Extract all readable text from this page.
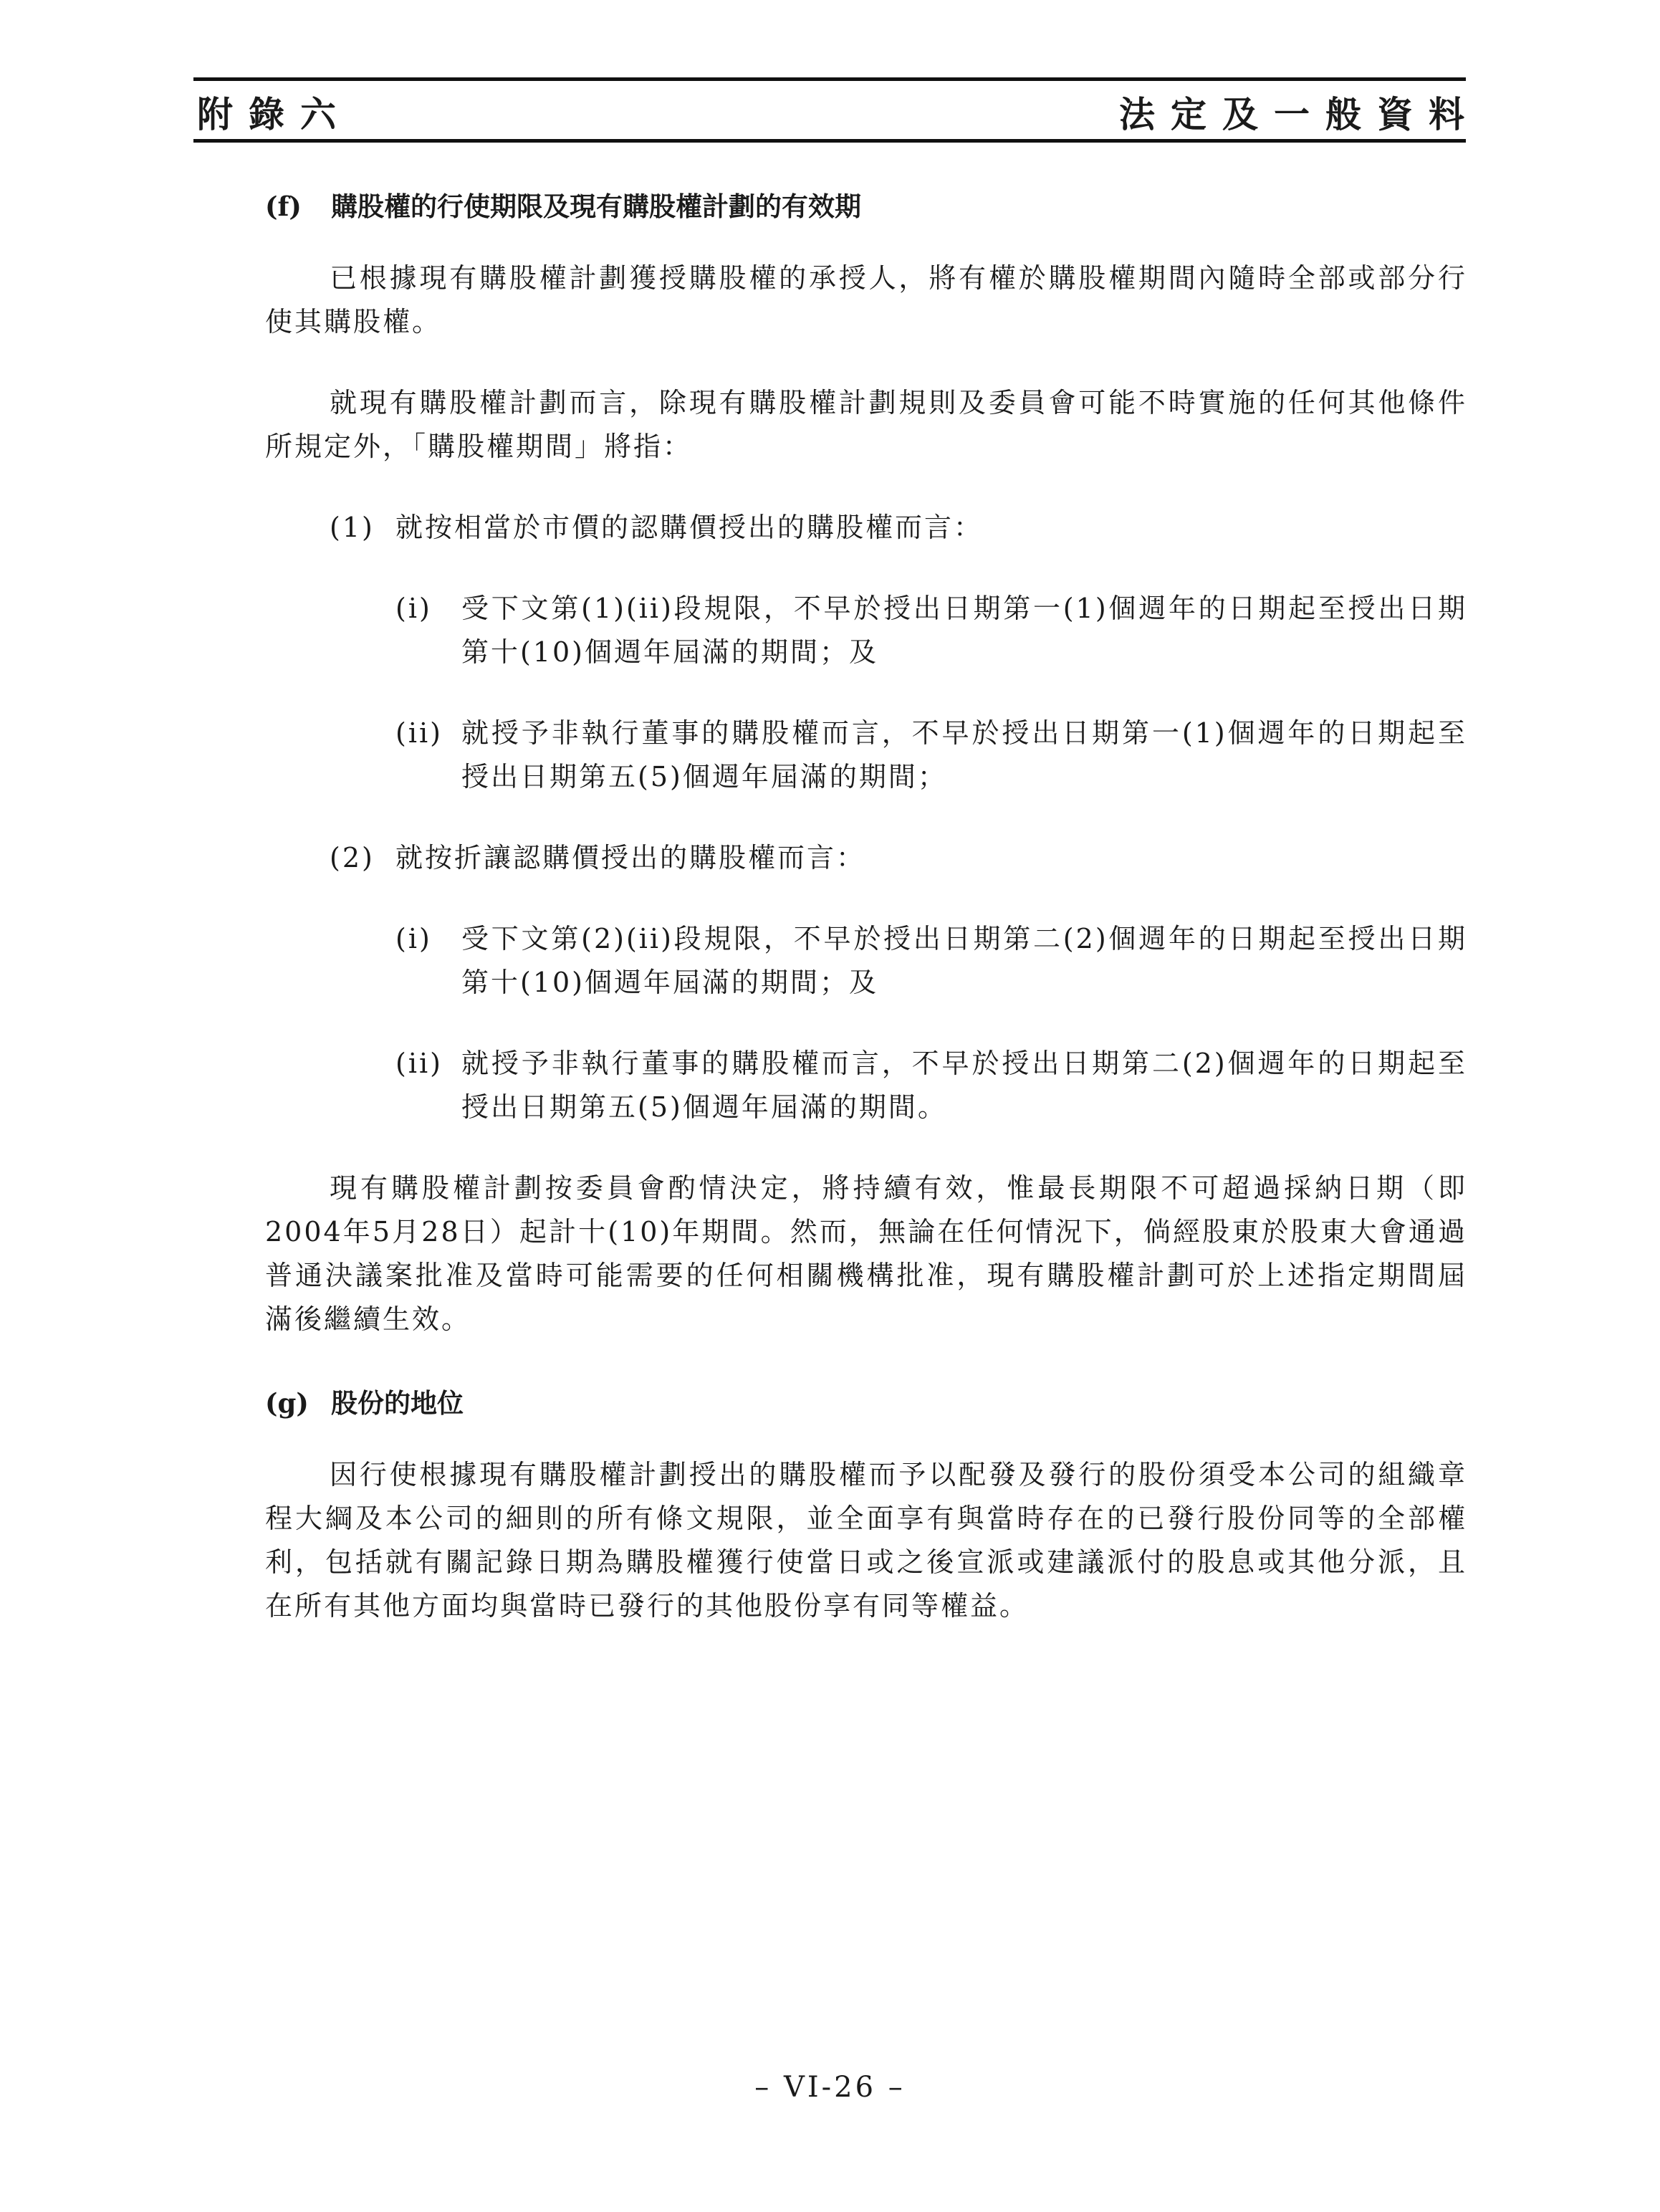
附錄六	法定及一般資料
(f)	購股權的行使期限及現有購股權計劃的有效期
已根據現有購股權計劃獲授購股權的承授人，將有權於購股權期間內隨時全部或部分行使其購股權。
就現有購股權計劃而言，除現有購股權計劃規則及委員會可能不時實施的任何其他條件所規定外，「購股權期間」將指：
(1) 就按相當於市價的認購價授出的購股權而言：
(i)	受下文第(1)(ii)段規限，不早於授出日期第一(1)個週年的日期起至授出日期第十(10)個週年屆滿的期間；及
(ii) 就授予非執行董事的購股權而言，不早於授出日期第一(1)個週年的日期起至授出日期第五(5)個週年屆滿的期間；
(2) 就按折讓認購價授出的購股權而言：
(i)	受下文第(2)(ii)段規限，不早於授出日期第二(2)個週年的日期起至授出日期第十(10)個週年屆滿的期間；及
(ii) 就授予非執行董事的購股權而言，不早於授出日期第二(2)個週年的日期起至授出日期第五(5)個週年屆滿的期間。
現有購股權計劃按委員會酌情決定，將持續有效，惟最長期限不可超過採納日期（即2004年5月28日）起計十(10)年期間。然而，無論在任何情況下，倘經股東於股東大會通過普通決議案批准及當時可能需要的任何相關機構批准，現有購股權計劃可於上述指定期間屆滿後繼續生效。
(g) 股份的地位
因行使根據現有購股權計劃授出的購股權而予以配發及發行的股份須受本公司的組織章程大綱及本公司的細則的所有條文規限，並全面享有與當時存在的已發行股份同等的全部權利，包括就有關記錄日期為購股權獲行使當日或之後宣派或建議派付的股息或其他分派，且在所有其他方面均與當時已發行的其他股份享有同等權益。
– VI-26 –
